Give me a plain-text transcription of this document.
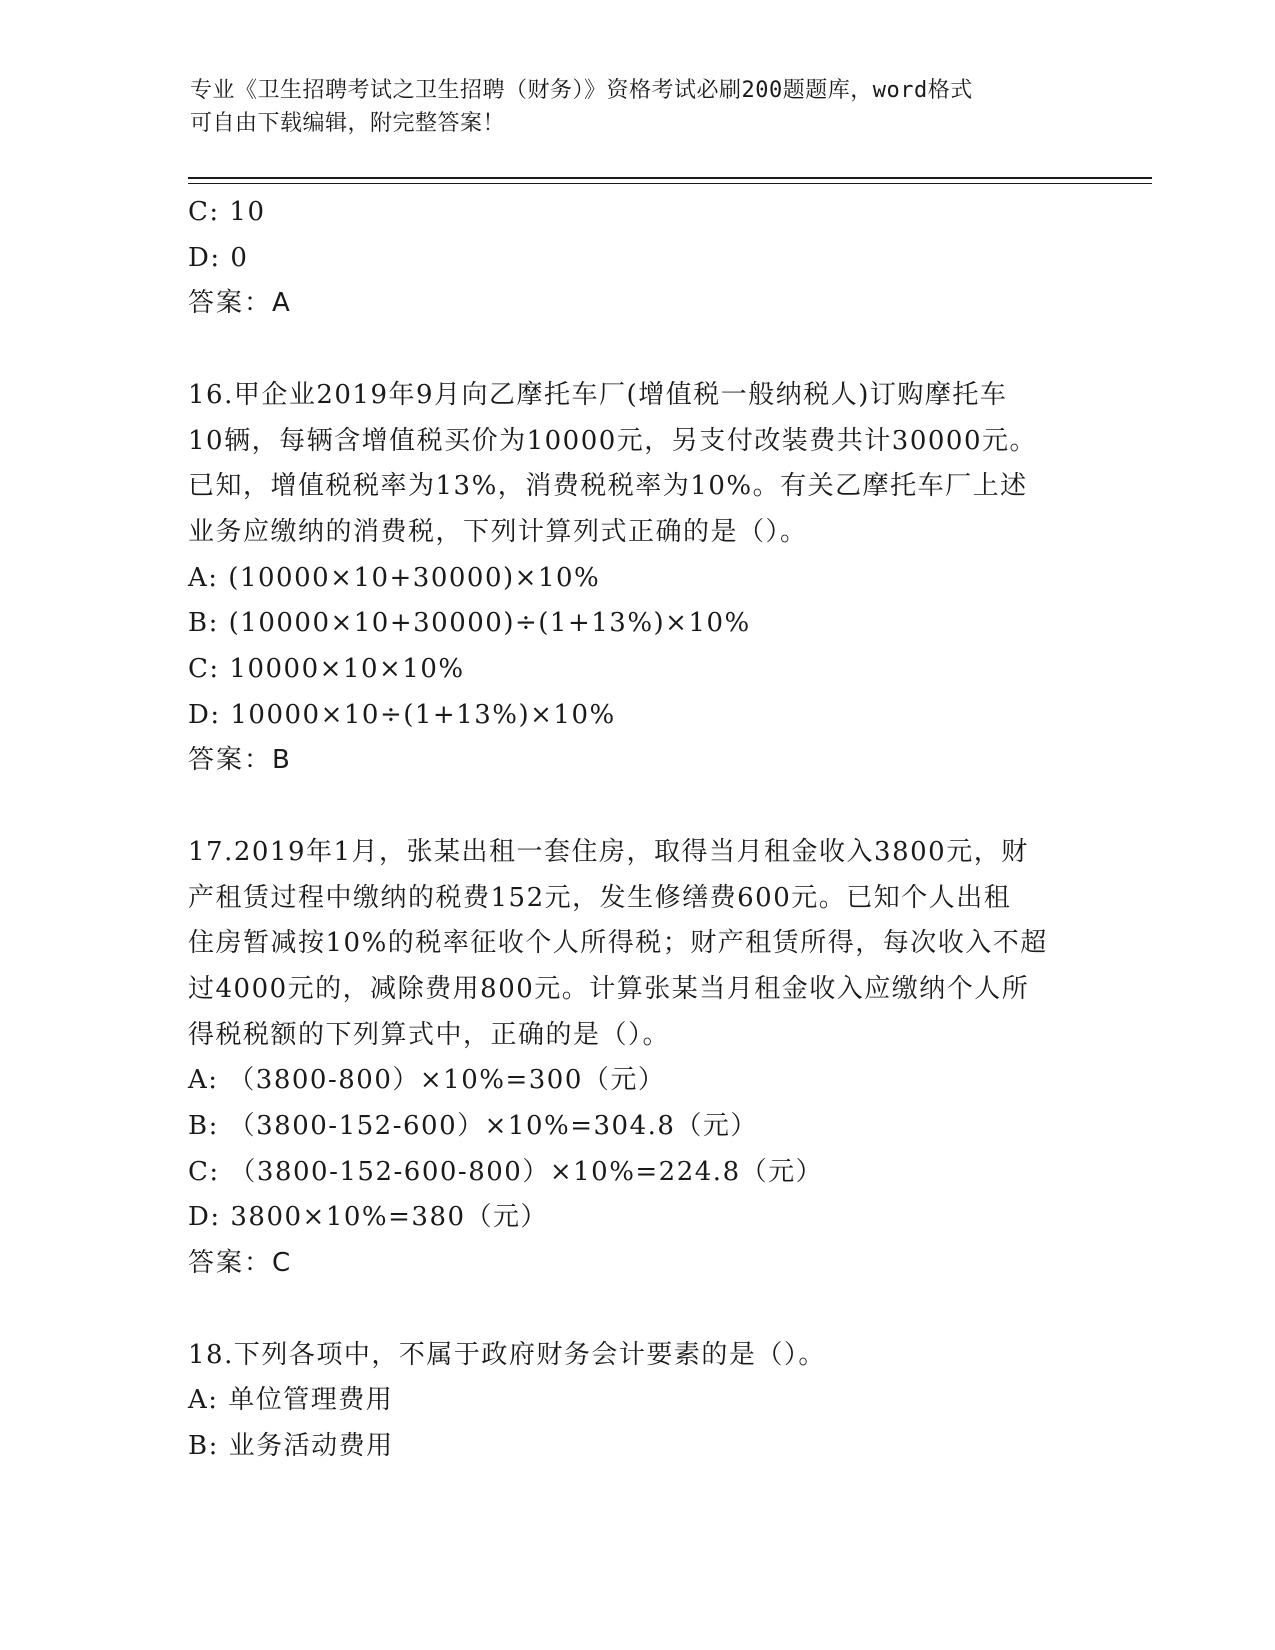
专业《卫生招聘考试之卫生招聘（财务）》资格考试必刷200题题库，word格式
可自由下载编辑，附完整答案！
C: 10
D: 0
答案：A
16.甲企业2019年9月向乙摩托车厂(增值税一般纳税人)订购摩托车
10辆，每辆含增值税买价为10000元，另支付改装费共计30000元。
已知，增值税税率为13%，消费税税率为10%。有关乙摩托车厂上述
业务应缴纳的消费税，下列计算列式正确的是（）。
A: (10000×10+30000)×10%
B: (10000×10+30000)÷(1+13%)×10%
C: 10000×10×10%
D: 10000×10÷(1+13%)×10%
答案：B
17.2019年1月，张某出租一套住房，取得当月租金收入3800元，财
产租赁过程中缴纳的税费152元，发生修缮费600元。已知个人出租
住房暂减按10%的税率征收个人所得税；财产租赁所得，每次收入不超
过4000元的，减除费用800元。计算张某当月租金收入应缴纳个人所
得税税额的下列算式中，正确的是（）。
A: （3800-800）×10%=300（元）
B: （3800-152-600）×10%=304.8（元）
C: （3800-152-600-800）×10%=224.8（元）
D: 3800×10%=380（元）
答案：C
18.下列各项中，不属于政府财务会计要素的是（）。
A: 单位管理费用
B: 业务活动费用
